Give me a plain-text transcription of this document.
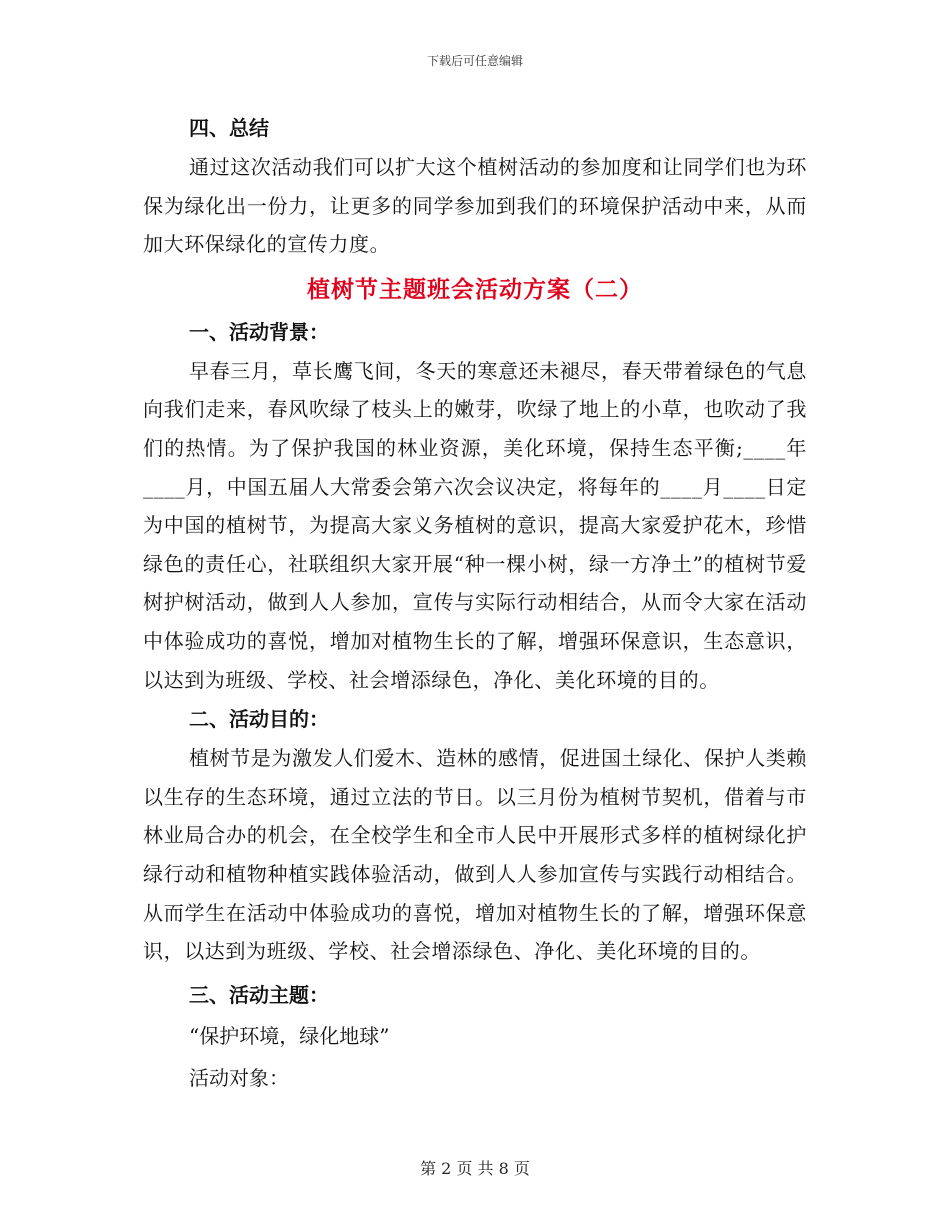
下载后可任意编辑

四、总结

通过这次活动我们可以扩大这个植树活动的参加度和让同学们也为环保为绿化出一份力，让更多的同学参加到我们的环境保护活动中来，从而加大环保绿化的宣传力度。

植树节主题班会活动方案（二）

一、活动背景：

早春三月，草长鹰飞间，冬天的寒意还未褪尽，春天带着绿色的气息向我们走来，春风吹绿了枝头上的嫩芽，吹绿了地上的小草，也吹动了我们的热情。为了保护我国的林业资源，美化环境，保持生态平衡;____年____月，中国五届人大常委会第六次会议决定，将每年的____月____日定为中国的植树节，为提高大家义务植树的意识，提高大家爱护花木，珍惜绿色的责任心，社联组织大家开展“种一棵小树，绿一方净土”的植树节爱树护树活动，做到人人参加，宣传与实际行动相结合，从而令大家在活动中体验成功的喜悦，增加对植物生长的了解，增强环保意识，生态意识，以达到为班级、学校、社会增添绿色，净化、美化环境的目的。

二、活动目的：

植树节是为激发人们爱木、造林的感情，促进国土绿化、保护人类赖以生存的生态环境，通过立法的节日。以三月份为植树节契机，借着与市林业局合办的机会，在全校学生和全市人民中开展形式多样的植树绿化护绿行动和植物种植实践体验活动，做到人人参加宣传与实践行动相结合。从而学生在活动中体验成功的喜悦，增加对植物生长的了解，增强环保意识，以达到为班级、学校、社会增添绿色、净化、美化环境的目的。

三、活动主题：

“保护环境，绿化地球”

活动对象：

第 2 页 共 8 页
